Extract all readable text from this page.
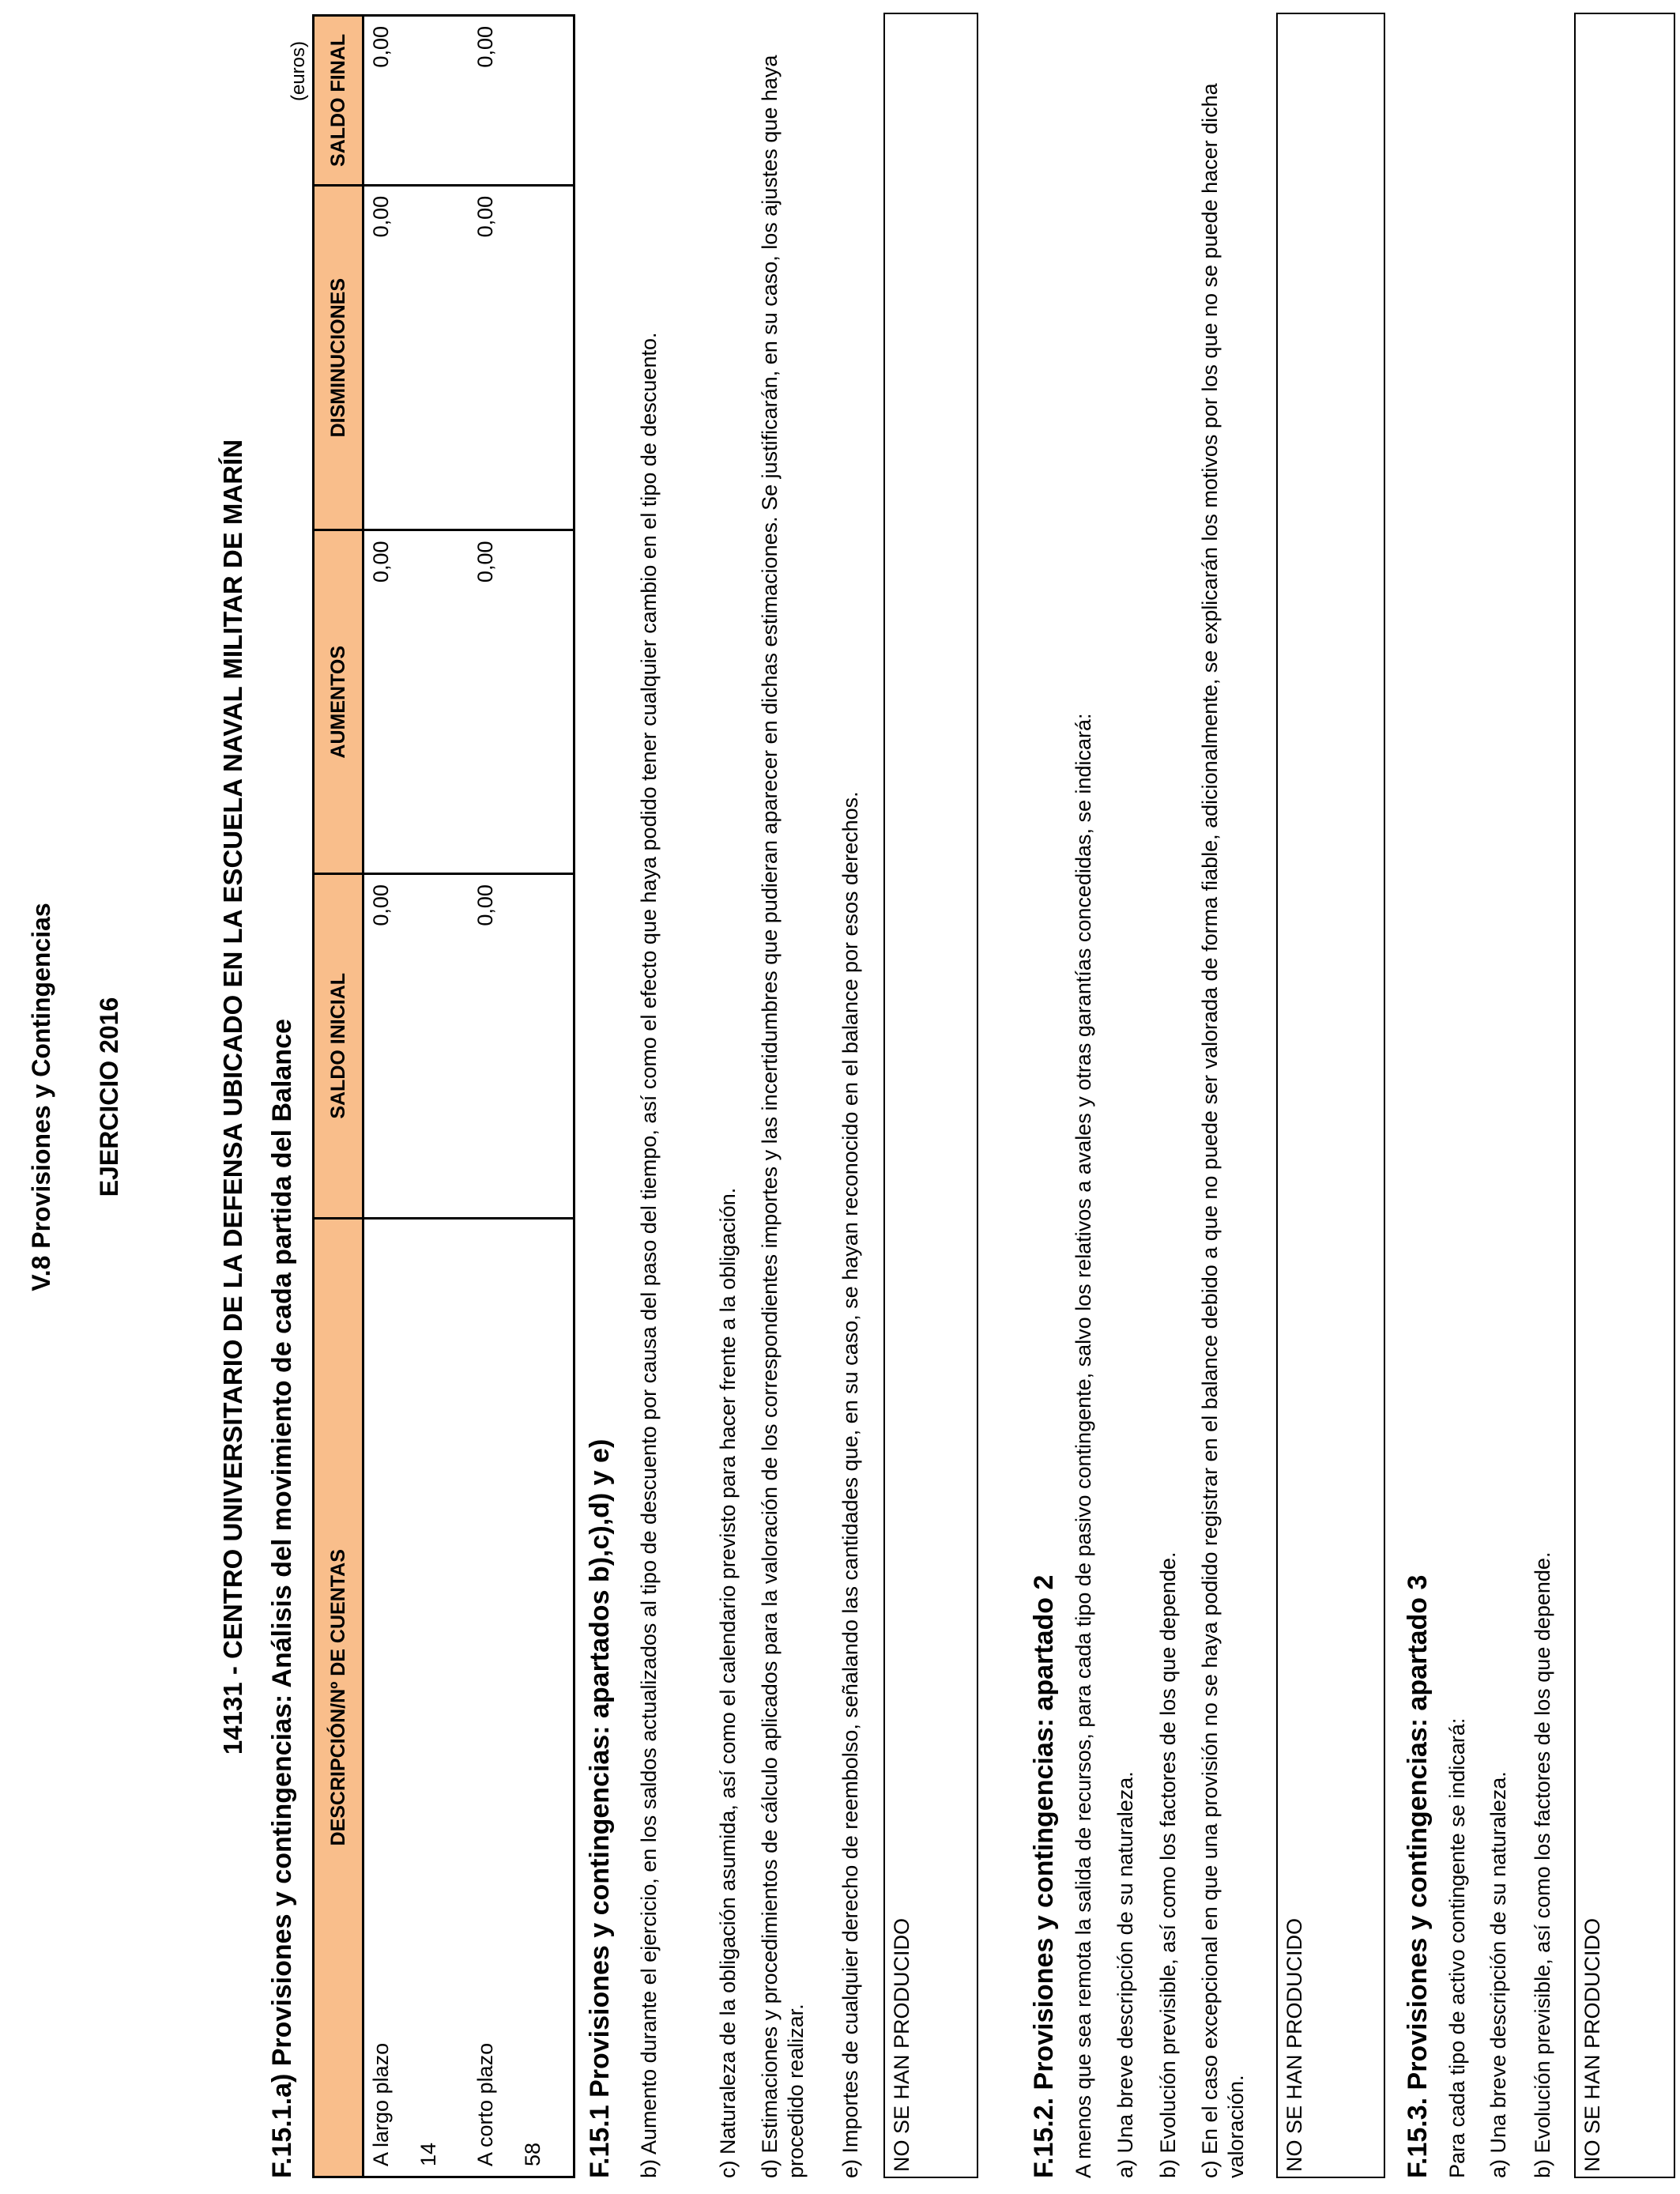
V.8 Provisiones y Contingencias EJERCICIO 2016	14131 - CENTRO UNIVERSITARIO DE LA DEFENSA UBICADO EN LA ESCUELA NAVAL MILITAR DE MARÍN F.15.1.a) Provisiones y contingencias: Análisis del movimiento de cada partida del Balance
(euros)
DESCRIPCIÓN/Nº DE CUENTAS	SALDO INICIAL	AUMENTOS	DISMINUCIONES	SALDO FINAL

A largo plazo 14	0,00	0,00	0,00	0,00

A corto plazo 58	0,00	0,00	0,00	0,00
F.15.1 Provisiones y contingencias: apartados b),c),d) y e) b) Aumento durante el ejercicio, en los saldos actualizados al tipo de descuento por causa del paso del tiempo, así como el efecto que haya podido tener cualquier cambio en el tipo de descuento.	c) Naturaleza de la obligación asumida, así como el calendario previsto para hacer frente a la obligación. d) Estimaciones y procedimientos de cálculo aplicados para la valoración de los correspondientes importes y las incertidumbres que pudieran aparecer en dichas estimaciones. Se justificarán, en su caso, los ajustes que haya procedido realizar. e) Importes de cualquier derecho de reembolso, señalando las cantidades que, en su caso, se hayan reconocido en el balance por esos derechos. NO SE HAN PRODUCIDO	F.15.2. Provisiones y contingencias: apartado 2 A menos que sea remota la salida de recursos, para cada tipo de pasivo contingente, salvo los relativos a avales y otras garantías concedidas, se indicará: a) Una breve descripción de su naturaleza. b) Evolución previsible, así como los factores de los que depende. c) En el caso excepcional en que una provisión no se haya podido registrar en el balance debido a que no puede ser valorada de forma fiable, adicionalmente, se explicarán los motivos por los que no se puede hacer dicha valoración. NO SE HAN PRODUCIDO	F.15.3. Provisiones y contingencias: apartado 3 Para cada tipo de activo contingente se indicará: a) Una breve descripción de su naturaleza. b) Evolución previsible, así como los factores de los que depende. NO SE HAN PRODUCIDO
